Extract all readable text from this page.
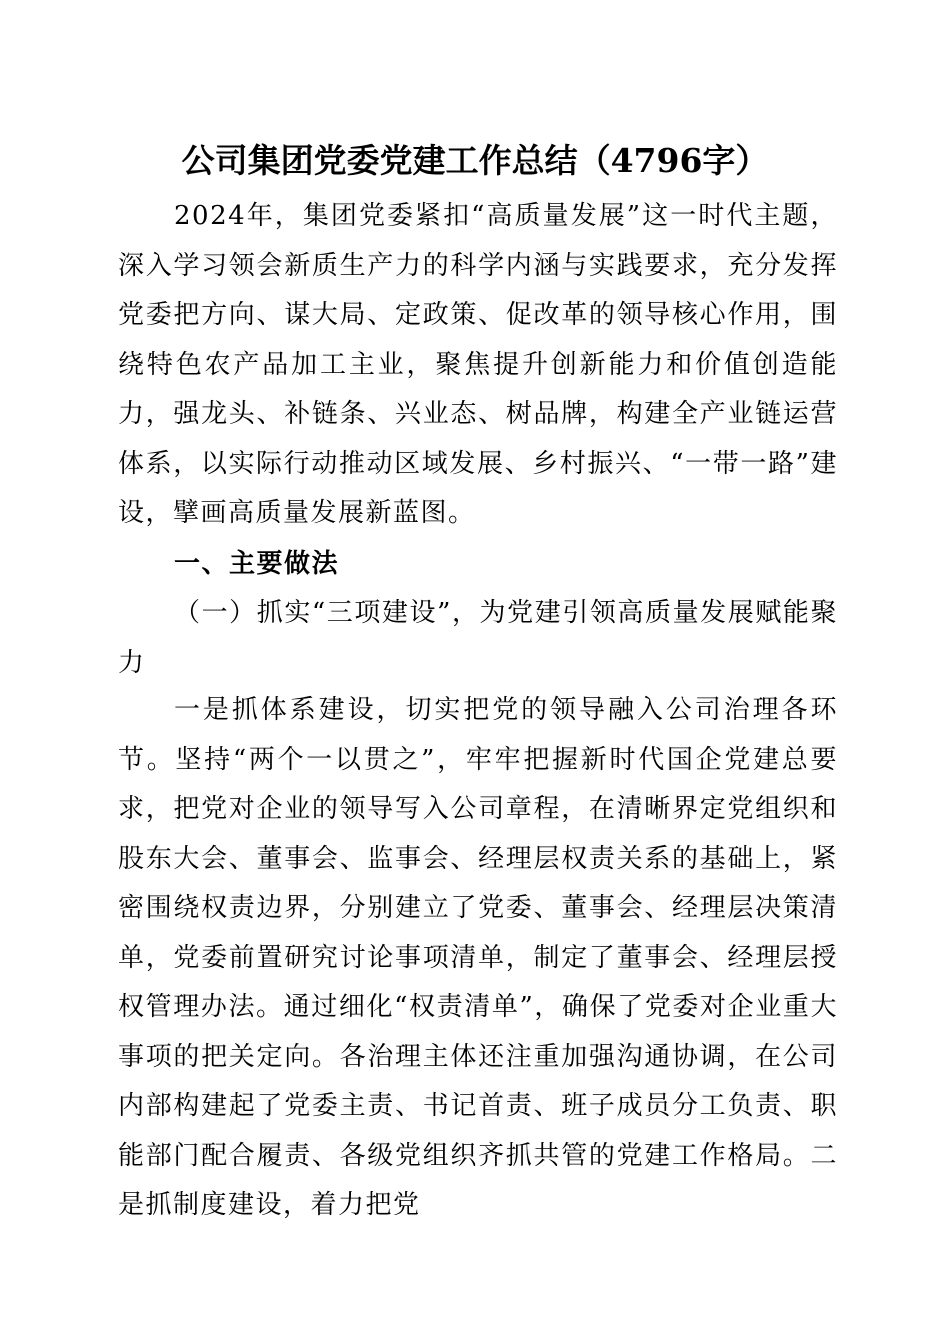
公司集团党委党建工作总结（4796字）

2024年，集团党委紧扣“高质量发展”这一时代主题，深入学习领会新质生产力的科学内涵与实践要求，充分发挥党委把方向、谋大局、定政策、促改革的领导核心作用，围绕特色农产品加工主业，聚焦提升创新能力和价值创造能力，强龙头、补链条、兴业态、树品牌，构建全产业链运营体系，以实际行动推动区域发展、乡村振兴、“一带一路”建设，擘画高质量发展新蓝图。

一、主要做法

（一）抓实“三项建设”，为党建引领高质量发展赋能聚力

一是抓体系建设，切实把党的领导融入公司治理各环节。坚持“两个一以贯之”，牢牢把握新时代国企党建总要求，把党对企业的领导写入公司章程，在清晰界定党组织和股东大会、董事会、监事会、经理层权责关系的基础上，紧密围绕权责边界，分别建立了党委、董事会、经理层决策清单，党委前置研究讨论事项清单，制定了董事会、经理层授权管理办法。通过细化“权责清单”，确保了党委对企业重大事项的把关定向。各治理主体还注重加强沟通协调，在公司内部构建起了党委主责、书记首责、班子成员分工负责、职能部门配合履责、各级党组织齐抓共管的党建工作格局。二是抓制度建设，着力把党
